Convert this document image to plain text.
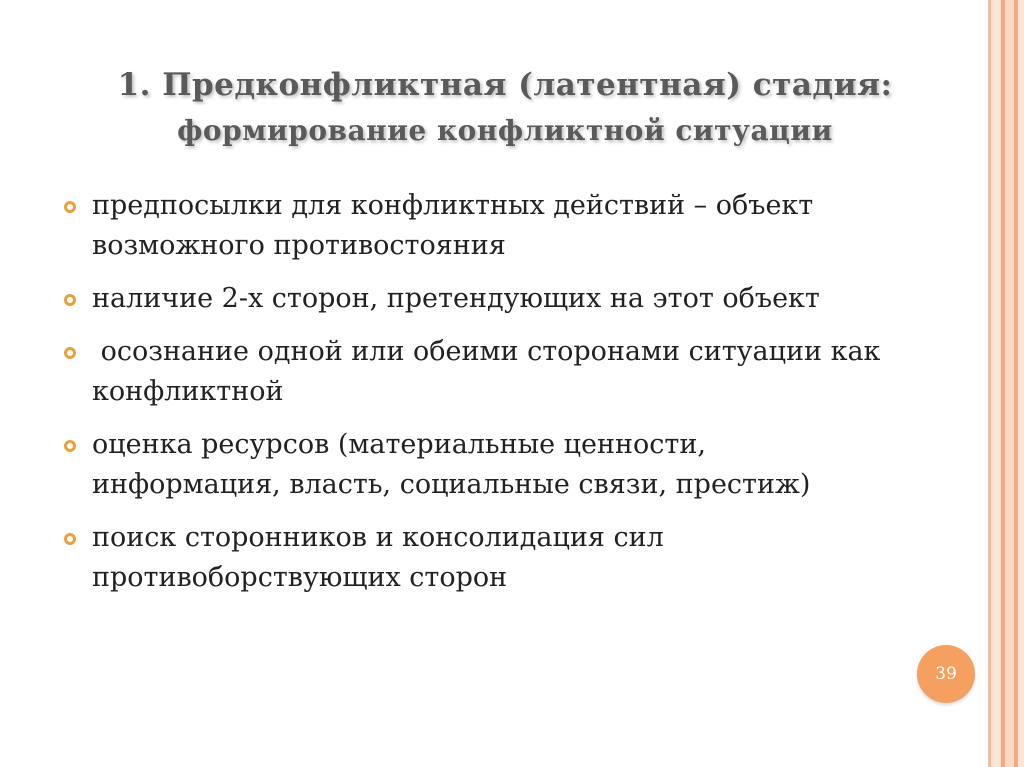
1. Предконфликтная (латентная) стадия:
формирование конфликтной ситуации
предпосылки для конфликтных действий – объект возможного противостояния
наличие 2-х сторон, претендующих на этот объект
осознание одной или обеими сторонами ситуации как конфликтной
оценка ресурсов (материальные ценности, информация, власть, социальные связи, престиж)
поиск сторонников и консолидация сил противоборствующих сторон
39
